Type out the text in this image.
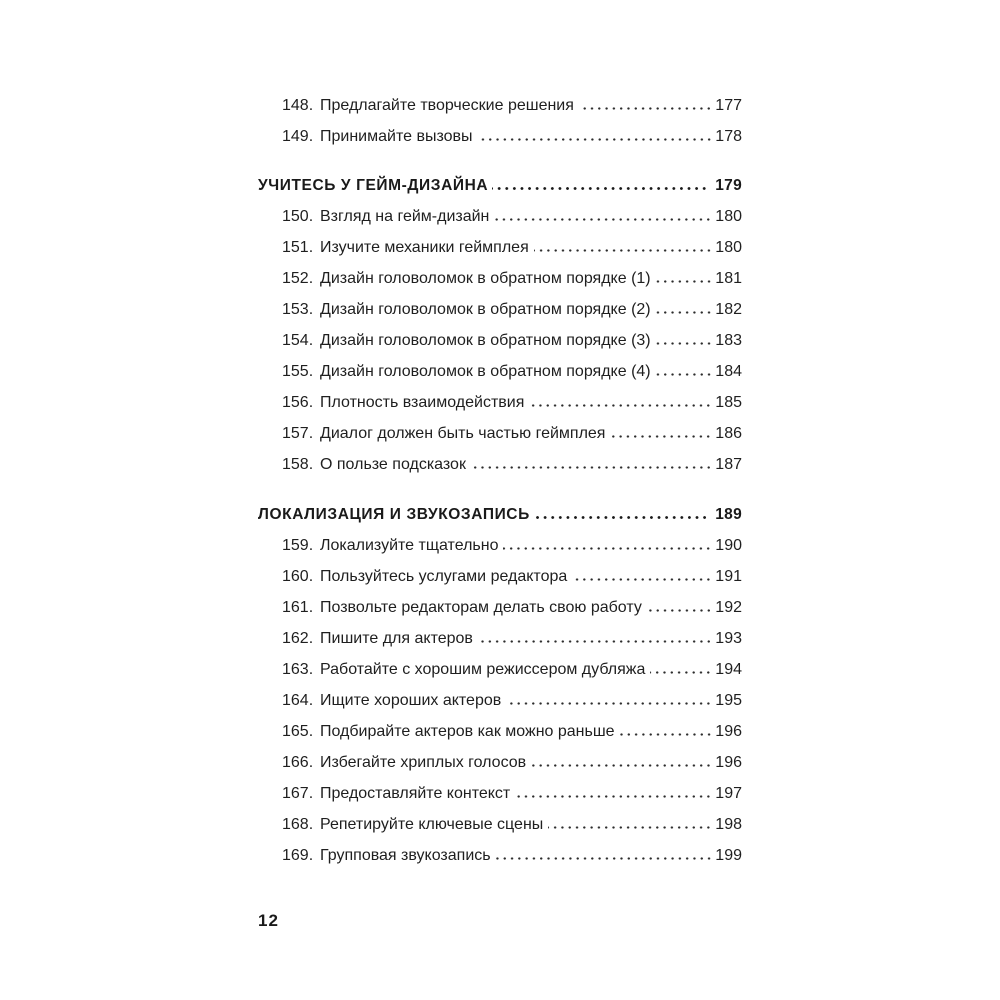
148. Предлагайте творческие решения	177
149. Принимайте вызовы	178
УЧИТЕСЬ У ГЕЙМ-ДИЗАЙНА	179
150. Взгляд на гейм-дизайн	180
151. Изучите механики геймплея	180
152. Дизайн головоломок в обратном порядке (1)	181
153. Дизайн головоломок в обратном порядке (2)	182
154. Дизайн головоломок в обратном порядке (3)	183
155. Дизайн головоломок в обратном порядке (4)	184
156. Плотность взаимодействия	185
157. Диалог должен быть частью геймплея	186
158. О пользе подсказок	187
ЛОКАЛИЗАЦИЯ И ЗВУКОЗАПИСЬ	189
159. Локализуйте тщательно	190
160. Пользуйтесь услугами редактора	191
161. Позвольте редакторам делать свою работу	192
162. Пишите для актеров	193
163. Работайте с хорошим режиссером дубляжа	194
164. Ищите хороших актеров	195
165. Подбирайте актеров как можно раньше	196
166. Избегайте хриплых голосов	196
167. Предоставляйте контекст	197
168. Репетируйте ключевые сцены	198
169. Групповая звукозапись	199
12
